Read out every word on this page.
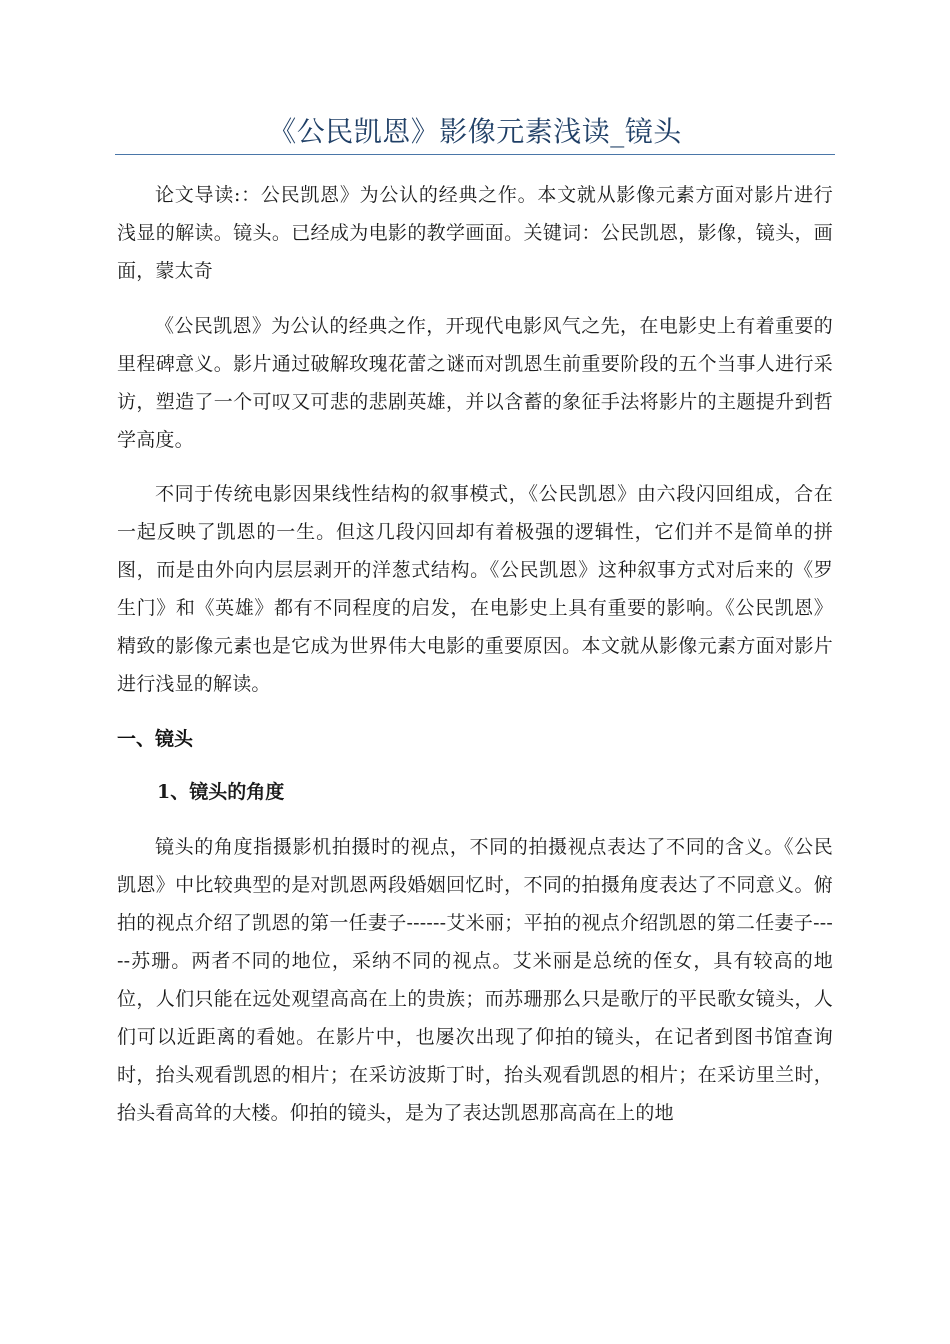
《公民凯恩》影像元素浅读_镜头

论文导读:：公民凯恩》为公认的经典之作。本文就从影像元素方面对影片进行浅显的解读。镜头。已经成为电影的教学画面。关键词：公民凯恩，影像，镜头，画面，蒙太奇

《公民凯恩》为公认的经典之作，开现代电影风气之先，在电影史上有着重要的里程碑意义。影片通过破解玫瑰花蕾之谜而对凯恩生前重要阶段的五个当事人进行采访，塑造了一个可叹又可悲的悲剧英雄，并以含蓄的象征手法将影片的主题提升到哲学高度。

不同于传统电影因果线性结构的叙事模式，《公民凯恩》由六段闪回组成，合在一起反映了凯恩的一生。但这几段闪回却有着极强的逻辑性，它们并不是简单的拼图，而是由外向内层层剥开的洋葱式结构。《公民凯恩》这种叙事方式对后来的《罗生门》和《英雄》都有不同程度的启发，在电影史上具有重要的影响。《公民凯恩》精致的影像元素也是它成为世界伟大电影的重要原因。本文就从影像元素方面对影片进行浅显的解读。

一、镜头
1、镜头的角度

镜头的角度指摄影机拍摄时的视点，不同的拍摄视点表达了不同的含义。《公民凯恩》中比较典型的是对凯恩两段婚姻回忆时，不同的拍摄角度表达了不同意义。俯拍的视点介绍了凯恩的第一任妻子------艾米丽；平拍的视点介绍凯恩的第二任妻子-----苏珊。两者不同的地位，采纳不同的视点。艾米丽是总统的侄女，具有较高的地位，人们只能在远处观望高高在上的贵族；而苏珊那么只是歌厅的平民歌女镜头，人们可以近距离的看她。在影片中，也屡次出现了仰拍的镜头，在记者到图书馆查询时，抬头观看凯恩的相片；在采访波斯丁时，抬头观看凯恩的相片；在采访里兰时，抬头看高耸的大楼。仰拍的镜头，是为了表达凯恩那高高在上的地
